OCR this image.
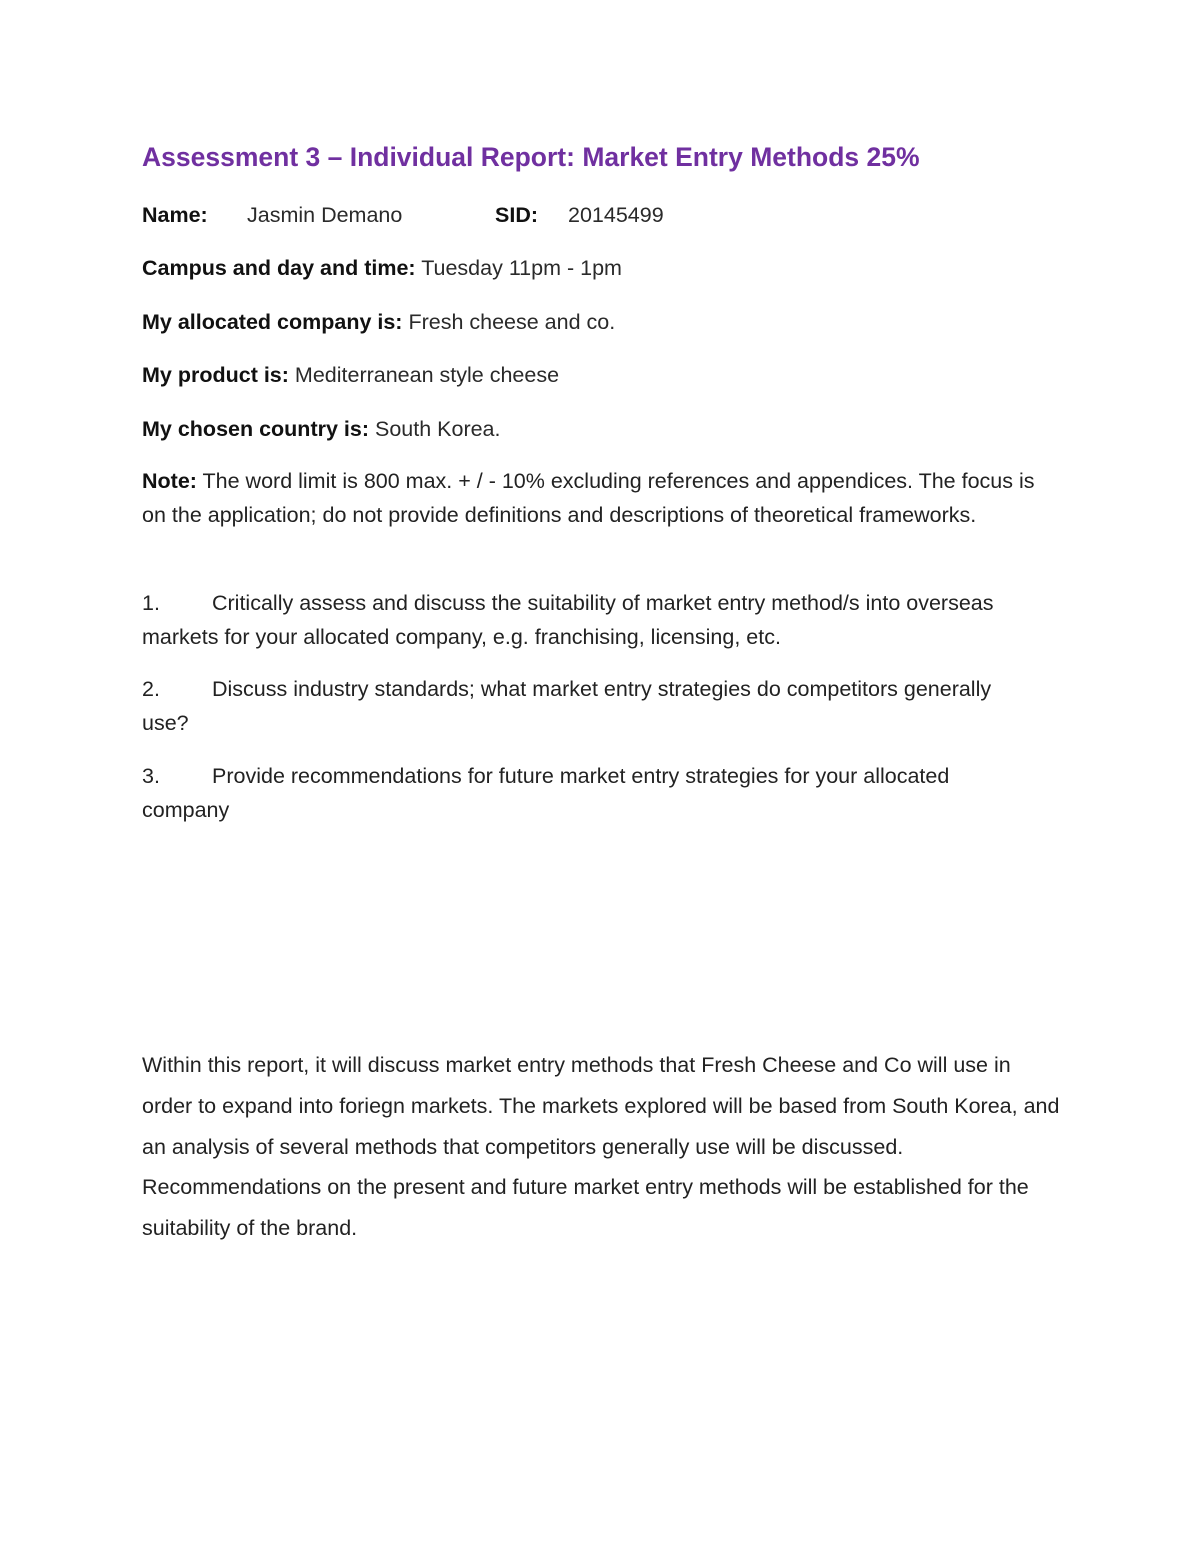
Assessment 3 – Individual Report: Market Entry Methods 25%
Name: Jasmin Demano	SID: 20145499
Campus and day and time: Tuesday 11pm - 1pm
My allocated company is: Fresh cheese and co.
My product is: Mediterranean style cheese
My chosen country is: South Korea.
Note: The word limit is 800 max. + / - 10% excluding references and appendices. The focus is on the application; do not provide definitions and descriptions of theoretical frameworks.
1. Critically assess and discuss the suitability of market entry method/s into overseas markets for your allocated company, e.g. franchising, licensing, etc.
2. Discuss industry standards; what market entry strategies do competitors generally use?
3. Provide recommendations for future market entry strategies for your allocated company
Within this report, it will discuss market entry methods that Fresh Cheese and Co will use in order to expand into foriegn markets. The markets explored will be based from South Korea, and an analysis of several methods that competitors generally use will be discussed. Recommendations on the present and future market entry methods will be established for the suitability of the brand.
